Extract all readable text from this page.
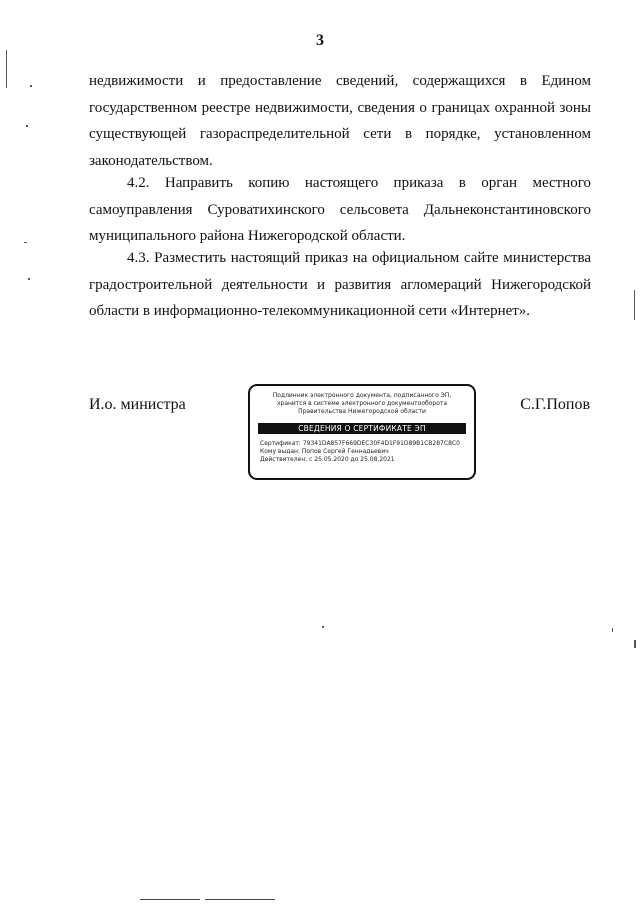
3
недвижимости и предоставление сведений, содержащихся в Едином государственном реестре недвижимости, сведения о границах охранной зоны существующей газораспределительной сети в порядке, установленном законодательством.
4.2. Направить копию настоящего приказа в орган местного самоуправления Суроватихинского сельсовета Дальнеконстантиновского муниципального района Нижегородской области.
4.3. Разместить настоящий приказ на официальном сайте министерства градостроительной деятельности и развития агломераций Нижегородской области в информационно-телекоммуникационной сети «Интернет».
И.о. министра
Подлинник электронного документа, подписанного ЭП,
хранится в системе электронного документооборота
Правительства Нижегородской области
СВЕДЕНИЯ О СЕРТИФИКАТЕ ЭП
Сертификат: 79341DA857F669DEC30F4D1F91D89B1CB287C8C0
Кому выдан: Попов Сергей Геннадьевич
Действителен: с 25.05.2020 до 25.08.2021
С.Г.Попов
